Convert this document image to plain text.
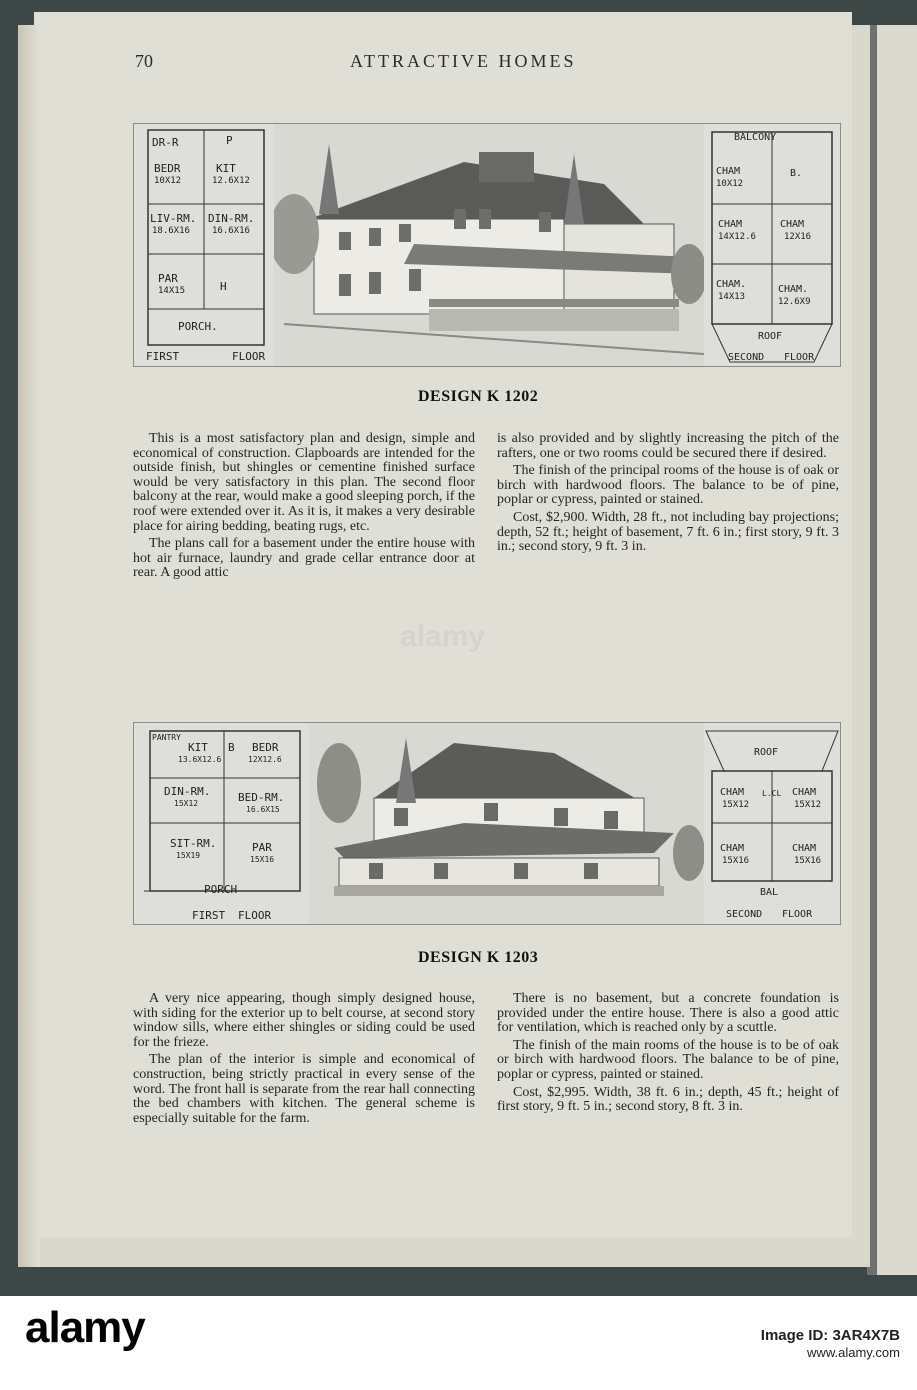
70	ATTRACTIVE HOMES
DR-R	P
BEDR
10X12
KIT
12.6X12
LIV-RM.
18.6X16
DIN-RM.
16.6X16
PAR
14X15	H
PORCH.
FIRST	FLOOR
BALCONY
CHAM
10X12
B.
CHAM
14X12.6
CHAM
12X16
CHAM.
14X13
CHAM.
12.6X9
ROOF
SECOND FLOOR
DESIGN K 1202

This is a most satisfactory plan and design, simple and economical of construction. Clapboards are intended for the outside finish, but shingles or cementine finished surface would be very satisfactory in this plan. The second floor balcony at the rear, would make a good sleeping porch, if the roof were extended over it. As it is, it makes a very desirable place for airing bedding, beating rugs, etc.

The plans call for a basement under the entire house with hot air furnace, laundry and grade cellar entrance door at rear. A good attic

is also provided and by slightly increasing the pitch of the rafters, one or two rooms could be secured there if desired.

The finish of the principal rooms of the house is of oak or birch with hardwood floors. The balance to be of pine, poplar or cypress, painted or stained.

Cost, $2,900. Width, 28 ft., not including bay projections; depth, 52 ft.; height of basement, 7 ft. 6 in.; first story, 9 ft. 3 in.; second story, 9 ft. 3 in.

alamy
PANTRY
KIT
13.6X12.6
B BEDR
12X12.6
DIN-RM.
15X12	BED-RM.
16.6X15
SIT-RM.
15X19
PAR
15X16
PORCH
FIRST FLOOR
ROOF
CHAM
15X12
L.CL CHAM
15X12
CHAM
15X16
CHAM
15X16
BAL
SECOND FLOOR
DESIGN K 1203

A very nice appearing, though simply designed house, with siding for the exterior up to belt course, at second story window sills, where either shingles or siding could be used for the frieze.

The plan of the interior is simple and economical of construction, being strictly practical in every sense of the word. The front hall is separate from the rear hall connecting the bed chambers with kitchen. The general scheme is especially suitable for the farm.

There is no basement, but a concrete foundation is provided under the entire house. There is also a good attic for ventilation, which is reached only by a scuttle.

The finish of the main rooms of the house is to be of oak or birch with hardwood floors. The balance to be of pine, poplar or cypress, painted or stained.

Cost, $2,995. Width, 38 ft. 6 in.; depth, 45 ft.; height of first story, 9 ft. 5 in.; second story, 8 ft. 3 in.

alamy	Image ID: 3AR4X7B
www.alamy.com
